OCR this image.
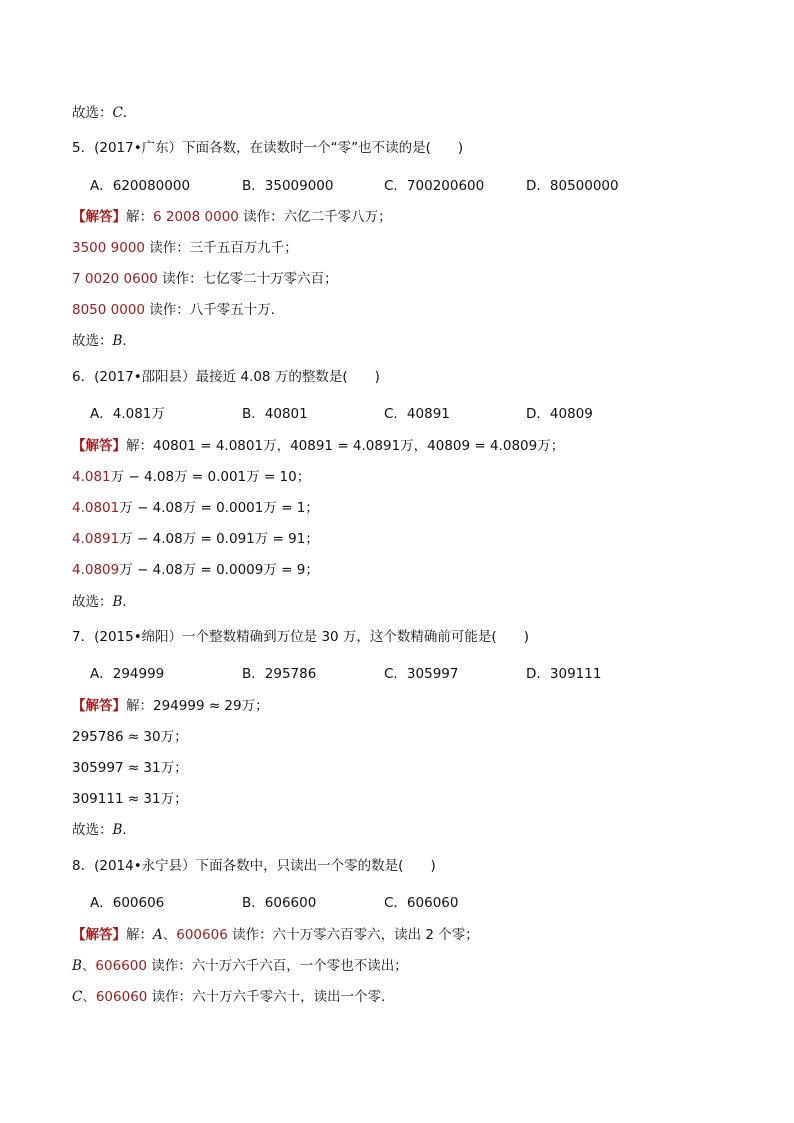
故选：C．
5．(2017•广东）下面各数，在读数时一个“零”也不读的是(　　)
A．620080000	B．35009000	C．700200600	D．80500000
【解答】解：6 2008 0000 读作：六亿二千零八万；
3500 9000 读作：三千五百万九千；
7 0020 0600 读作：七亿零二十万零六百；
8050 0000 读作：八千零五十万．
故选：B．
6．(2017•邵阳县）最接近 4.08 万的整数是(　　)
A．4.081万	B．40801	C．40891	D．40809
【解答】解：40801 = 4.0801万，40891 = 4.0891万，40809 = 4.0809万；
4.081万 − 4.08万 = 0.001万 = 10；
4.0801万 − 4.08万 = 0.0001万 = 1；
4.0891万 − 4.08万 = 0.091万 = 91；
4.0809万 − 4.08万 = 0.0009万 = 9；
故选：B．
7．(2015•绵阳）一个整数精确到万位是 30 万，这个数精确前可能是(　　)
A．294999	B．295786	C．305997	D．309111
【解答】解：294999 ≈ 29万；
295786 ≈ 30万；
305997 ≈ 31万；
309111 ≈ 31万；
故选：B．
8．(2014•永宁县）下面各数中，只读出一个零的数是(　　)
A．600606	B．606600	C．606060
【解答】解：A、600606 读作：六十万零六百零六，读出 2 个零；
B、606600 读作：六十万六千六百，一个零也不读出；
C、606060 读作：六十万六千零六十，读出一个零．
